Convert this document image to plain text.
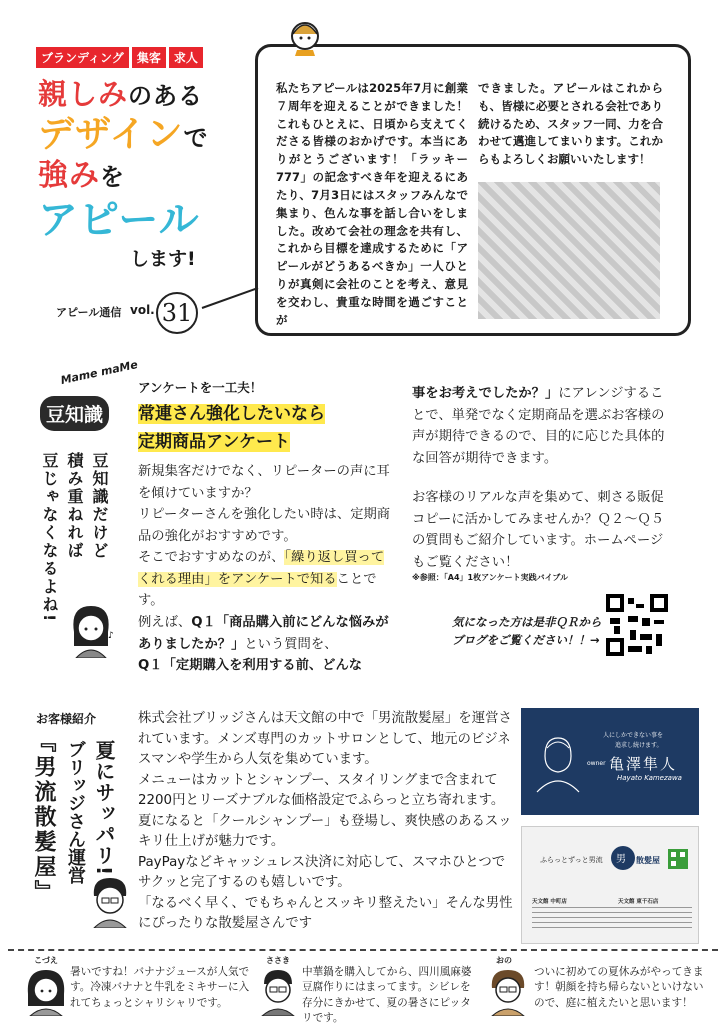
ブランディング 集客 求人
親しみのある
デザインで
強みを
アピール
します!
アピール通信 vol. 31
私たちアピールは2025年7月に創業７周年を迎えることができました！これもひとえに、日頃から支えてくださる皆様のおかげです。本当にありがとうございます！「ラッキー777」の記念すべき年を迎えるにあたり、7月3日にはスタッフみんなで集まり、色んな事を話し合いをしました。改めて会社の理念を共有し、これから目標を達成するために「アピールがどうあるべきか」一人ひとりが真剣に会社のことを考え、意見を交わし、貴重な時間を過ごすことが
できました。アピールはこれからも、皆様に必要とされる会社であり続けるため、スタッフ一同、力を合わせて邁進してまいります。これからもよろしくお願いいたします！
Mame maMe
豆知識
豆知識だけど
積み重ねれば
豆じゃなくなるよね!
♪
アンケートを一工夫！
常連さん強化したいなら
定期商品アンケート
新規集客だけでなく、リピーターの声に耳を傾けていますか？
リピーターさんを強化したい時は、定期商品の強化がおすすめです。
そこでおすすめなのが、「繰り返し買ってくれる理由」をアンケートで知ることです。
例えば、Q１「商品購入前にどんな悩みがありましたか？」という質問を、
Q１「定期購入を利用する前、どんな
事をお考えでしたか？」にアレンジすることで、単発でなく定期商品を選ぶお客様の声が期待できるので、目的に応じた具体的な回答が期待できます。
お客様のリアルな声を集めて、刺さる販促コピーに活かしてみませんか？Ｑ２〜Ｑ５の質問もご紹介しています。ホームページもご覧ください！
※参照：「A4」1枚アンケート実践バイブル
気になった方は是非ＱＲから
ブログをご覧ください！！→
お客様紹介
夏にサッパリ!
ブリッジさん運営
『男流散髪屋』
株式会社ブリッジさんは天文館の中で「男流散髪屋」を運営されています。メンズ専門のカットサロンとして、地元のビジネスマンや学生から人気を集めています。
メニューはカットとシャンプー、スタイリングまで含まれて2200円とリーズナブルな価格設定でふらっと立ち寄れます。
夏になると「クールシャンプー」も登場し、爽快感のあるスッキリ仕上げが魅力です。
PayPayなどキャッシュレス決済に対応して、スマホひとつでサクッと完了するのも嬉しいです。
「なるべく早く、でもちゃんとスッキリ整えたい」そんな男性にぴったりな散髪屋さんです
人にしかできない事を
追求し続けます。
owner 亀澤隼人
Hayato Kamezawa
ふらっとずっと男流 男 散髪屋
天文館 中町店	天文館 東千石店
こづえ
暑いですね！バナナジュースが人気です。冷凍バナナと牛乳をミキサーに入れてちょっとシャリシャリです。
ささき
中華鍋を購入してから、四川風麻婆豆腐作りにはまってます。シビレを存分にきかせて、夏の暑さにピッタリです。
おの
ついに初めての夏休みがやってきます！朝顔を持ち帰らないといけないので、庭に植えたいと思います！
